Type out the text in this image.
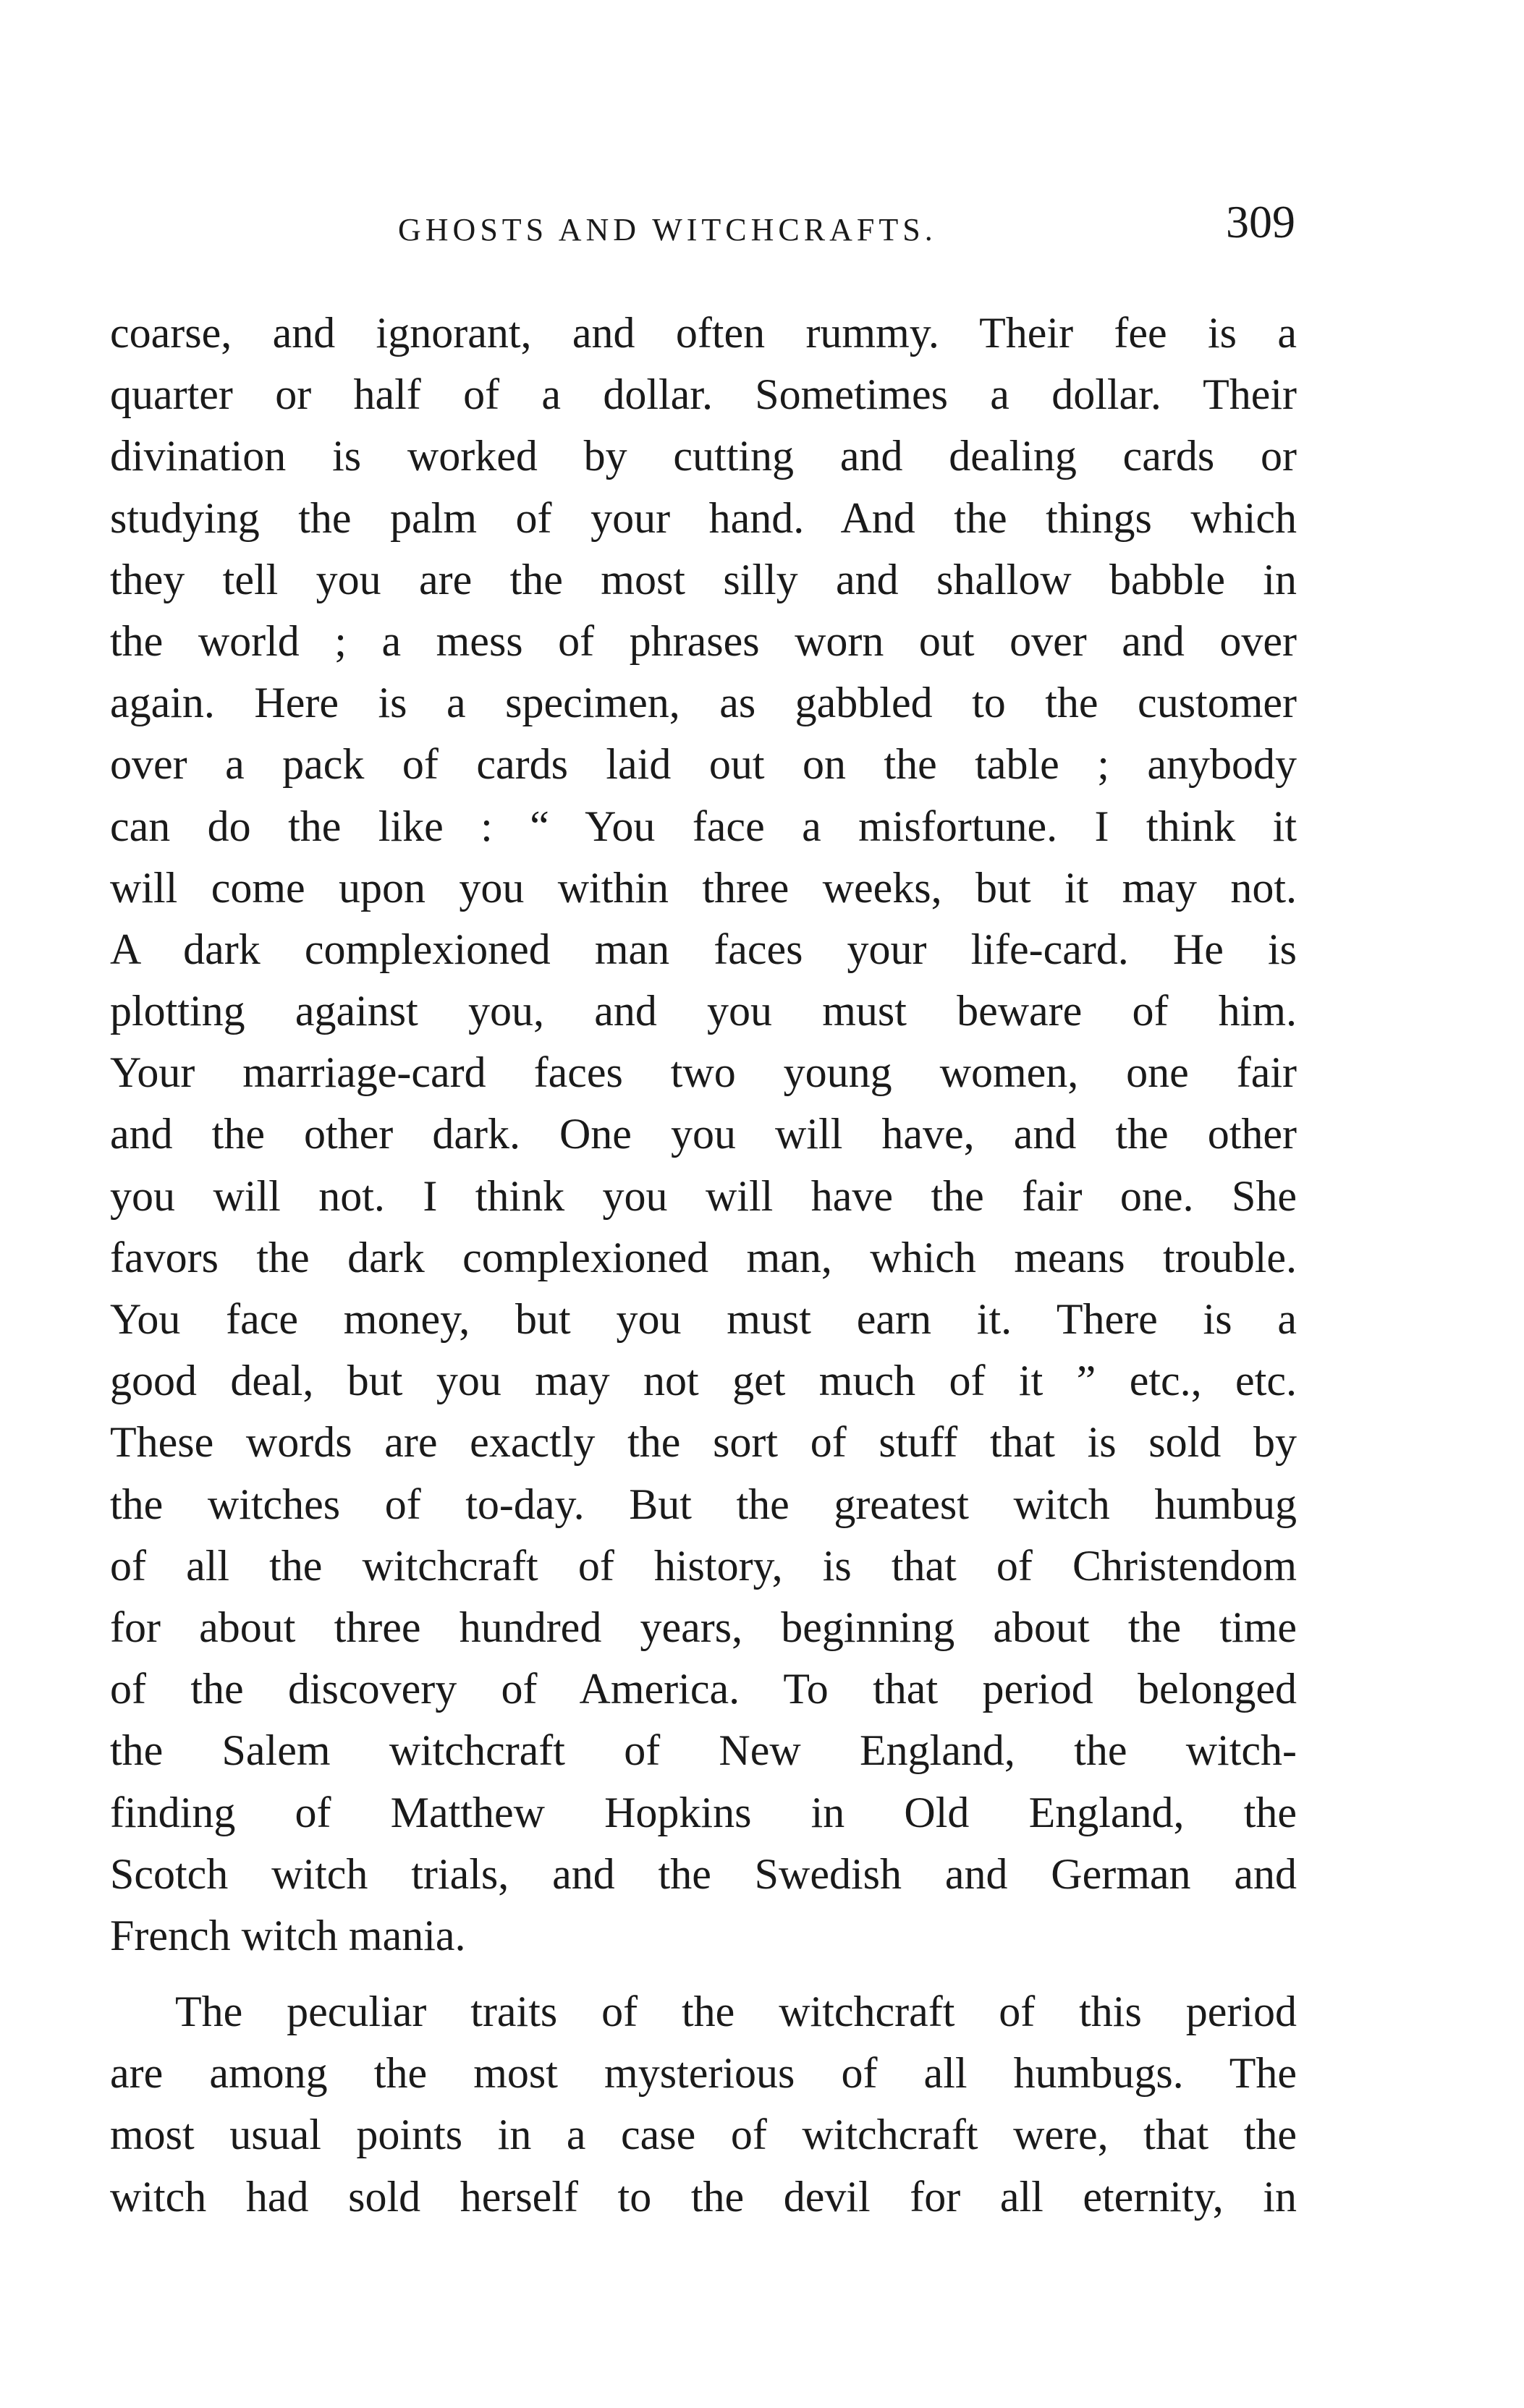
GHOSTS AND WITCHCRAFTS.	309
coarse, and ignorant, and often rummy. Their fee is a
quarter or half of a dollar. Sometimes a dollar. Their
divination is worked by cutting and dealing cards or
studying the palm of your hand. And the things which
they tell you are the most silly and shallow babble in
the world ; a mess of phrases worn out over and over
again. Here is a specimen, as gabbled to the customer
over a pack of cards laid out on the table ; anybody
can do the like : “ You face a misfortune. I think it
will come upon you within three weeks, but it may not.
A dark complexioned man faces your life-card. He is
plotting against you, and you must beware of him.
Your marriage-card faces two young women, one fair
and the other dark. One you will have, and the other
you will not. I think you will have the fair one. She
favors the dark complexioned man, which means trouble.
You face money, but you must earn it. There is a
good deal, but you may not get much of it ” etc., etc.
These words are exactly the sort of stuff that is sold by
the witches of to-day. But the greatest witch humbug
of all the witchcraft of history, is that of Christendom
for about three hundred years, beginning about the time
of the discovery of America. To that period belonged
the Salem witchcraft of New England, the witch-
finding of Matthew Hopkins in Old England, the
Scotch witch trials, and the Swedish and German and
French witch mania.
The peculiar traits of the witchcraft of this period
are among the most mysterious of all humbugs. The
most usual points in a case of witchcraft were, that the
witch had sold herself to the devil for all eternity, in
